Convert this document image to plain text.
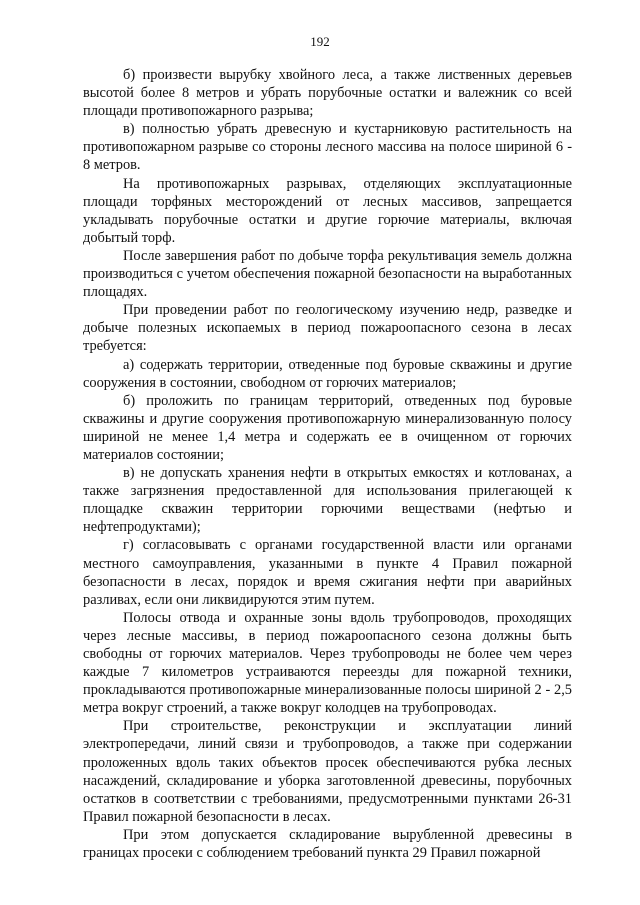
192

б) произвести вырубку хвойного леса, а также лиственных деревьев высотой более 8 метров и убрать порубочные остатки и валежник со всей площади противопожарного разрыва;

в) полностью убрать древесную и кустарниковую растительность на противопожарном разрыве со стороны лесного массива на полосе шириной 6 - 8 метров.

На противопожарных разрывах, отделяющих эксплуатационные площади торфяных месторождений от лесных массивов, запрещается укладывать порубочные остатки и другие горючие материалы, включая добытый торф.

После завершения работ по добыче торфа рекультивация земель должна производиться с учетом обеспечения пожарной безопасности на выработанных площадях.

При проведении работ по геологическому изучению недр, разведке и добыче полезных ископаемых в период пожароопасного сезона в лесах требуется:

а) содержать территории, отведенные под буровые скважины и другие сооружения в состоянии, свободном от горючих материалов;

б) проложить по границам территорий, отведенных под буровые скважины и другие сооружения противопожарную минерализованную полосу шириной не менее 1,4 метра и содержать ее в очищенном от горючих материалов состоянии;

в) не допускать хранения нефти в открытых емкостях и котлованах, а также загрязнения предоставленной для использования прилегающей к площадке скважин территории горючими веществами (нефтью и нефтепродуктами);

г) согласовывать с органами государственной власти или органами местного самоуправления, указанными в пункте 4 Правил пожарной безопасности в лесах, порядок и время сжигания нефти при аварийных разливах, если они ликвидируются этим путем.

Полосы отвода и охранные зоны вдоль трубопроводов, проходящих через лесные массивы, в период пожароопасного сезона должны быть свободны от горючих материалов. Через трубопроводы не более чем через каждые 7 километров устраиваются переезды для пожарной техники, прокладываются противопожарные минерализованные полосы шириной 2 - 2,5 метра вокруг строений, а также вокруг колодцев на трубопроводах.

При строительстве, реконструкции и эксплуатации линий электропередачи, линий связи и трубопроводов, а также при содержании проложенных вдоль таких объектов просек обеспечиваются рубка лесных насаждений, складирование и уборка заготовленной древесины, порубочных остатков в соответствии с требованиями, предусмотренными пунктами 26-31 Правил пожарной безопасности в лесах.

При этом допускается складирование вырубленной древесины в границах просеки с соблюдением требований пункта 29 Правил пожарной
